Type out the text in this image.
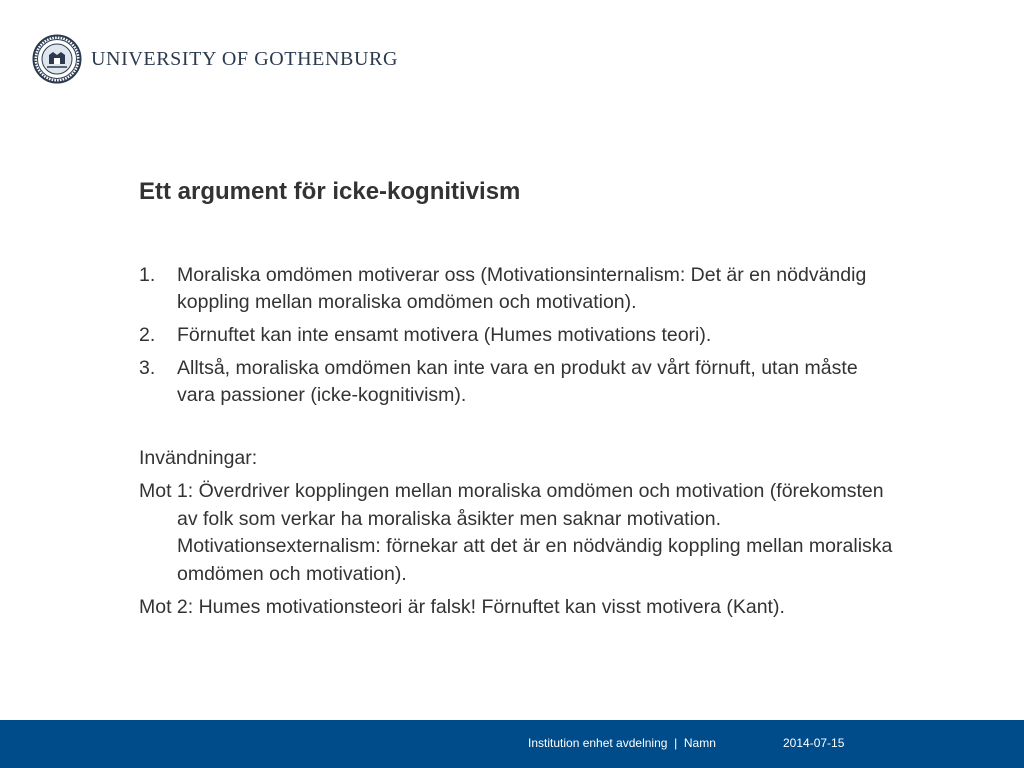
UNIVERSITY OF GOTHENBURG
Ett argument för icke-kognitivism
1. Moraliska omdömen motiverar oss (Motivationsinternalism: Det är en nödvändig koppling mellan moraliska omdömen och motivation).
2. Förnuftet kan inte ensamt motivera (Humes motivations teori).
3. Alltså, moraliska omdömen kan inte vara en produkt av vårt förnuft, utan måste vara passioner (icke-kognitivism).

Invändningar:

Mot 1: Överdriver kopplingen mellan moraliska omdömen och motivation (förekomsten av folk som verkar ha moraliska åsikter men saknar motivation. Motivationsexternalism: förnekar att det är en nödvändig koppling mellan moraliska omdömen och motivation).

Mot 2: Humes motivationsteori är falsk! Förnuftet kan visst motivera (Kant).

Institution enhet avdelning  |  Namn	2014-07-15
